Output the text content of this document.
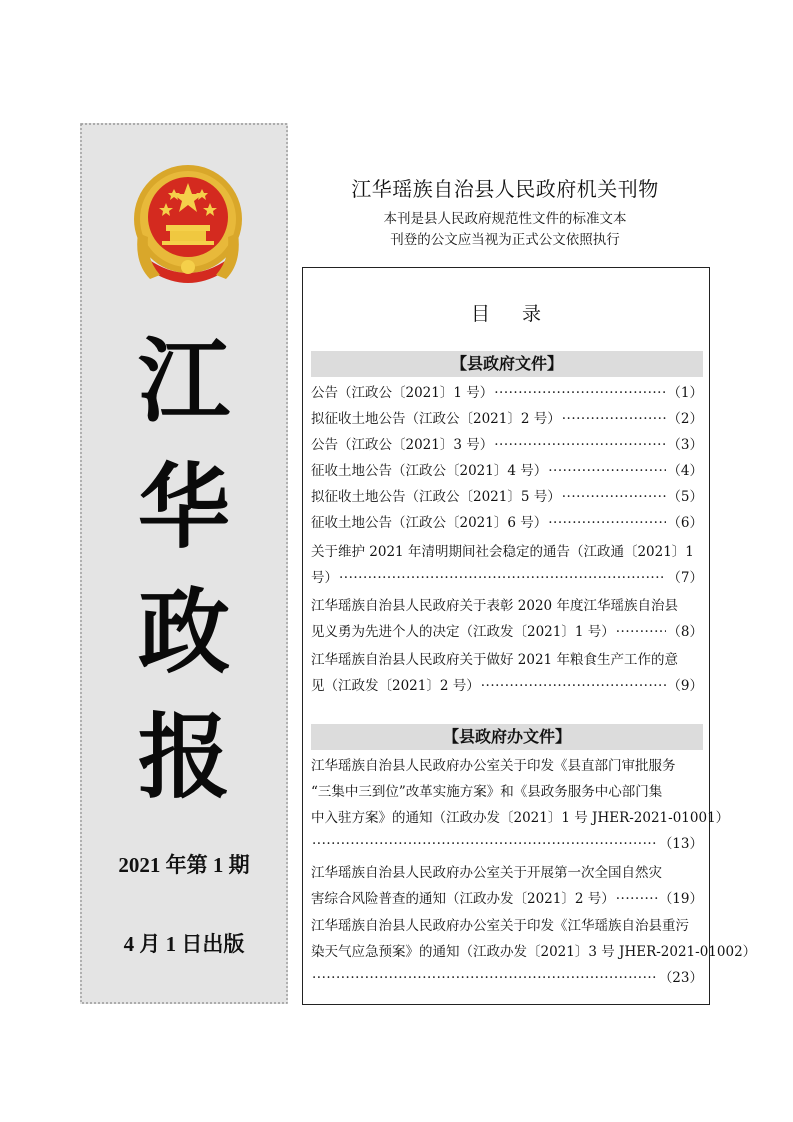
江
华
政
报
2021 年第 1 期
4 月 1 日出版
江华瑶族自治县人民政府机关刊物
本刊是县人民政府规范性文件的标准文本
刊登的公文应当视为正式公文依照执行
目录
【县政府文件】
公告（江政公〔2021〕1 号） ·····	（1）
拟征收土地公告（江政公〔2021〕2 号） ·····	（2）
公告（江政公〔2021〕3 号） ·····	（3）
征收土地公告（江政公〔2021〕4 号） ·····	（4）
拟征收土地公告（江政公〔2021〕5 号） ·····	（5）
征收土地公告（江政公〔2021〕6 号） ·····	（6）
关于维护 2021 年清明期间社会稳定的通告（江政通〔2021〕1
号） ·····	（7）
江华瑶族自治县人民政府关于表彰 2020 年度江华瑶族自治县
见义勇为先进个人的决定（江政发〔2021〕1 号） ·····	（8）
江华瑶族自治县人民政府关于做好 2021 年粮食生产工作的意
见（江政发〔2021〕2 号） ·····	（9）
【县政府办文件】
江华瑶族自治县人民政府办公室关于印发《县直部门审批服务
“三集中三到位”改革实施方案》和《县政务服务中心部门集
中入驻方案》的通知（江政办发〔2021〕1 号 JHER-2021-01001）
·····
（13）
江华瑶族自治县人民政府办公室关于开展第一次全国自然灾
害综合风险普查的通知（江政办发〔2021〕2 号） ·····	（19）
江华瑶族自治县人民政府办公室关于印发《江华瑶族自治县重污
染天气应急预案》的通知（江政办发〔2021〕3 号 JHER-2021-01002）
·····
（23）
